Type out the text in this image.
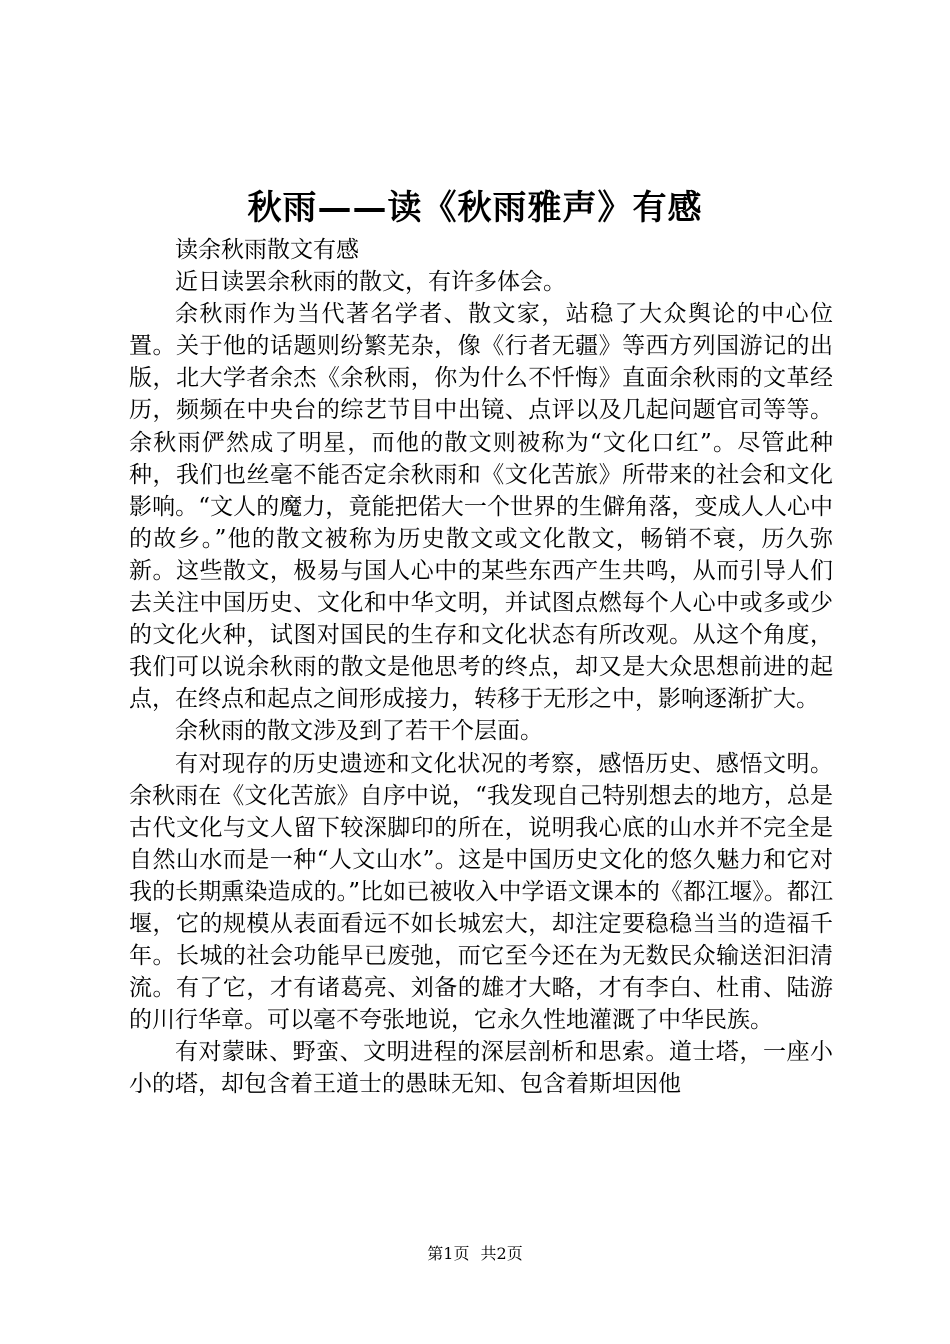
秋雨——读《秋雨雅声》有感

读余秋雨散文有感

近日读罢余秋雨的散文，有许多体会。

余秋雨作为当代著名学者、散文家，站稳了大众舆论的中心位置。关于他的话题则纷繁芜杂，像《行者无疆》等西方列国游记的出版，北大学者余杰《余秋雨，你为什么不忏悔》直面余秋雨的文革经历，频频在中央台的综艺节目中出镜、点评以及几起问题官司等等。余秋雨俨然成了明星，而他的散文则被称为“文化口红”。尽管此种种，我们也丝毫不能否定余秋雨和《文化苦旅》所带来的社会和文化影响。“文人的魔力，竟能把偌大一个世界的生僻角落，变成人人心中的故乡。”他的散文被称为历史散文或文化散文，畅销不衰，历久弥新。这些散文，极易与国人心中的某些东西产生共鸣，从而引导人们去关注中国历史、文化和中华文明，并试图点燃每个人心中或多或少的文化火种，试图对国民的生存和文化状态有所改观。从这个角度，我们可以说余秋雨的散文是他思考的终点，却又是大众思想前进的起点，在终点和起点之间形成接力，转移于无形之中，影响逐渐扩大。

余秋雨的散文涉及到了若干个层面。

有对现存的历史遗迹和文化状况的考察，感悟历史、感悟文明。余秋雨在《文化苦旅》自序中说，“我发现自己特别想去的地方，总是古代文化与文人留下较深脚印的所在，说明我心底的山水并不完全是自然山水而是一种“人文山水”。这是中国历史文化的悠久魅力和它对我的长期熏染造成的。”比如已被收入中学语文课本的《都江堰》。都江堰，它的规模从表面看远不如长城宏大，却注定要稳稳当当的造福千年。长城的社会功能早已废弛，而它至今还在为无数民众输送汩汩清流。有了它，才有诸葛亮、刘备的雄才大略，才有李白、杜甫、陆游的川行华章。可以毫不夸张地说，它永久性地灌溉了中华民族。

有对蒙昧、野蛮、文明进程的深层剖析和思索。道士塔，一座小小的塔，却包含着王道士的愚昧无知、包含着斯坦因他

第1页 共2页
